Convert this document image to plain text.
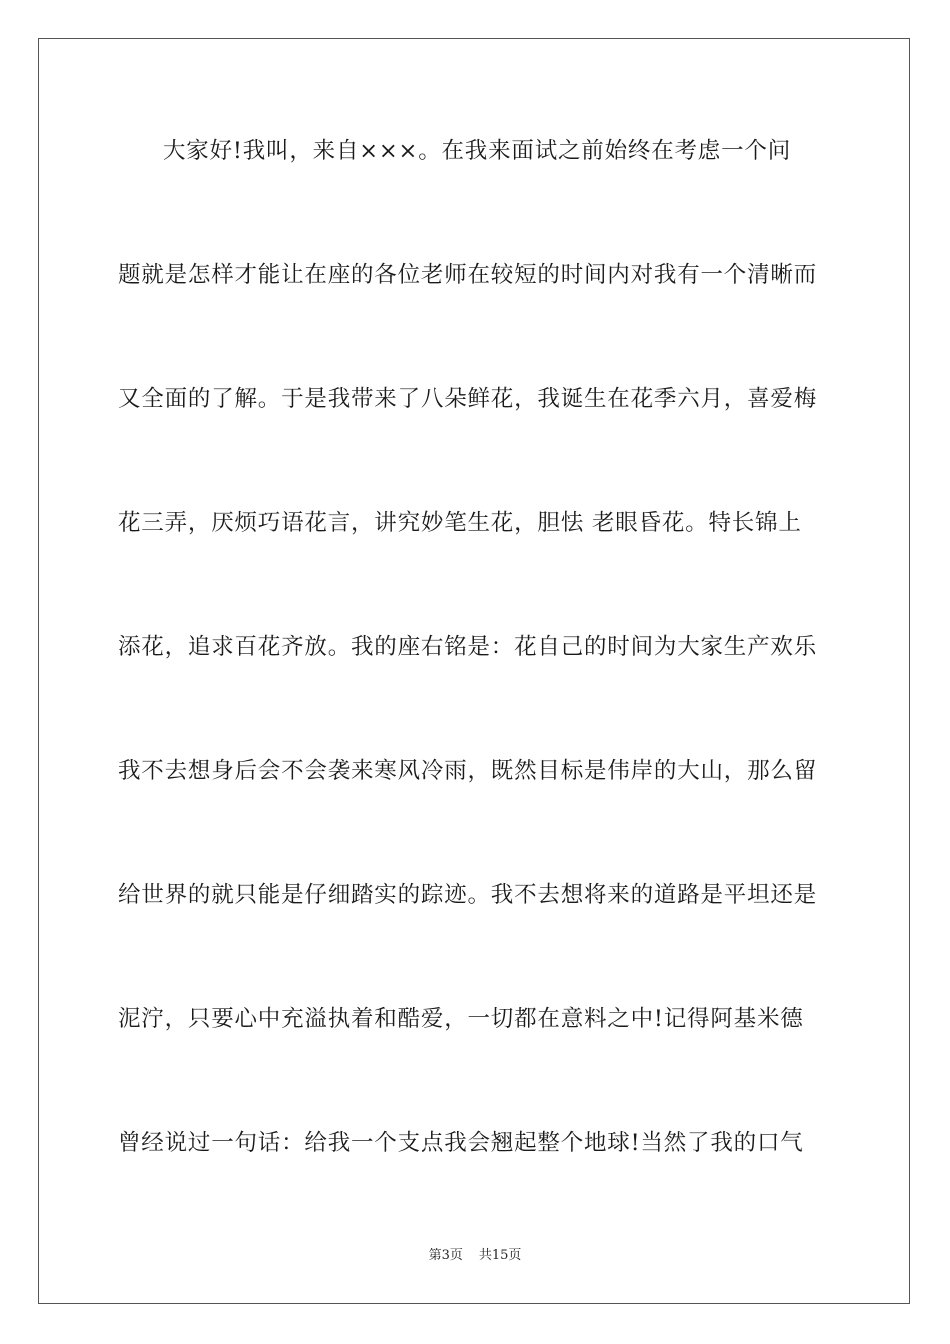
大家好!我叫，来自×××。在我来面试之前始终在考虑一个问
题就是怎样才能让在座的各位老师在较短的时间内对我有一个清晰而
又全面的了解。于是我带来了八朵鲜花，我诞生在花季六月，喜爱梅
花三弄，厌烦巧语花言，讲究妙笔生花，胆怯 老眼昏花。特长锦上
添花，追求百花齐放。我的座右铭是：花自己的时间为大家生产欢乐
我不去想身后会不会袭来寒风冷雨，既然目标是伟岸的大山，那么留
给世界的就只能是仔细踏实的踪迹。我不去想将来的道路是平坦还是
泥泞，只要心中充溢执着和酷爱，一切都在意料之中!记得阿基米德
曾经说过一句话：给我一个支点我会翘起整个地球!当然了我的口气
第3页 共15页
